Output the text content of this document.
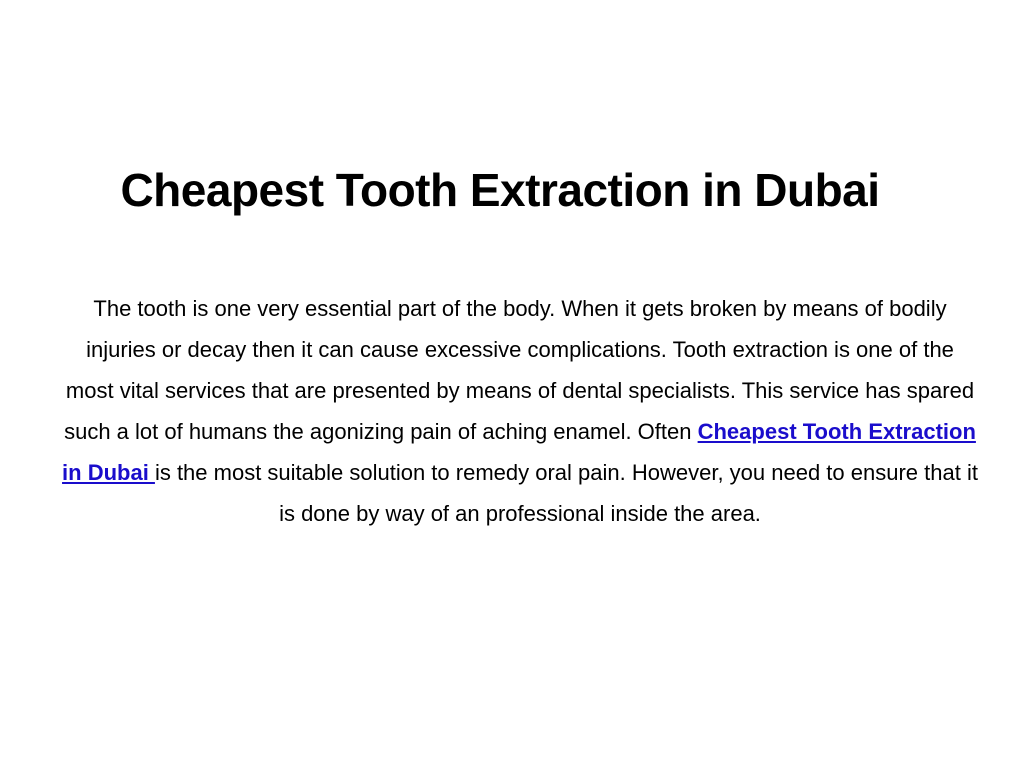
Cheapest Tooth Extraction in Dubai

The tooth is one very essential part of the body. When it gets broken by means of bodily injuries or decay then it can cause excessive complications. Tooth extraction is one of the most vital services that are presented by means of dental specialists. This service has spared such a lot of humans the agonizing pain of aching enamel. Often Cheapest Tooth Extraction in Dubai is the most suitable solution to remedy oral pain. However, you need to ensure that it is done by way of an professional inside the area.
